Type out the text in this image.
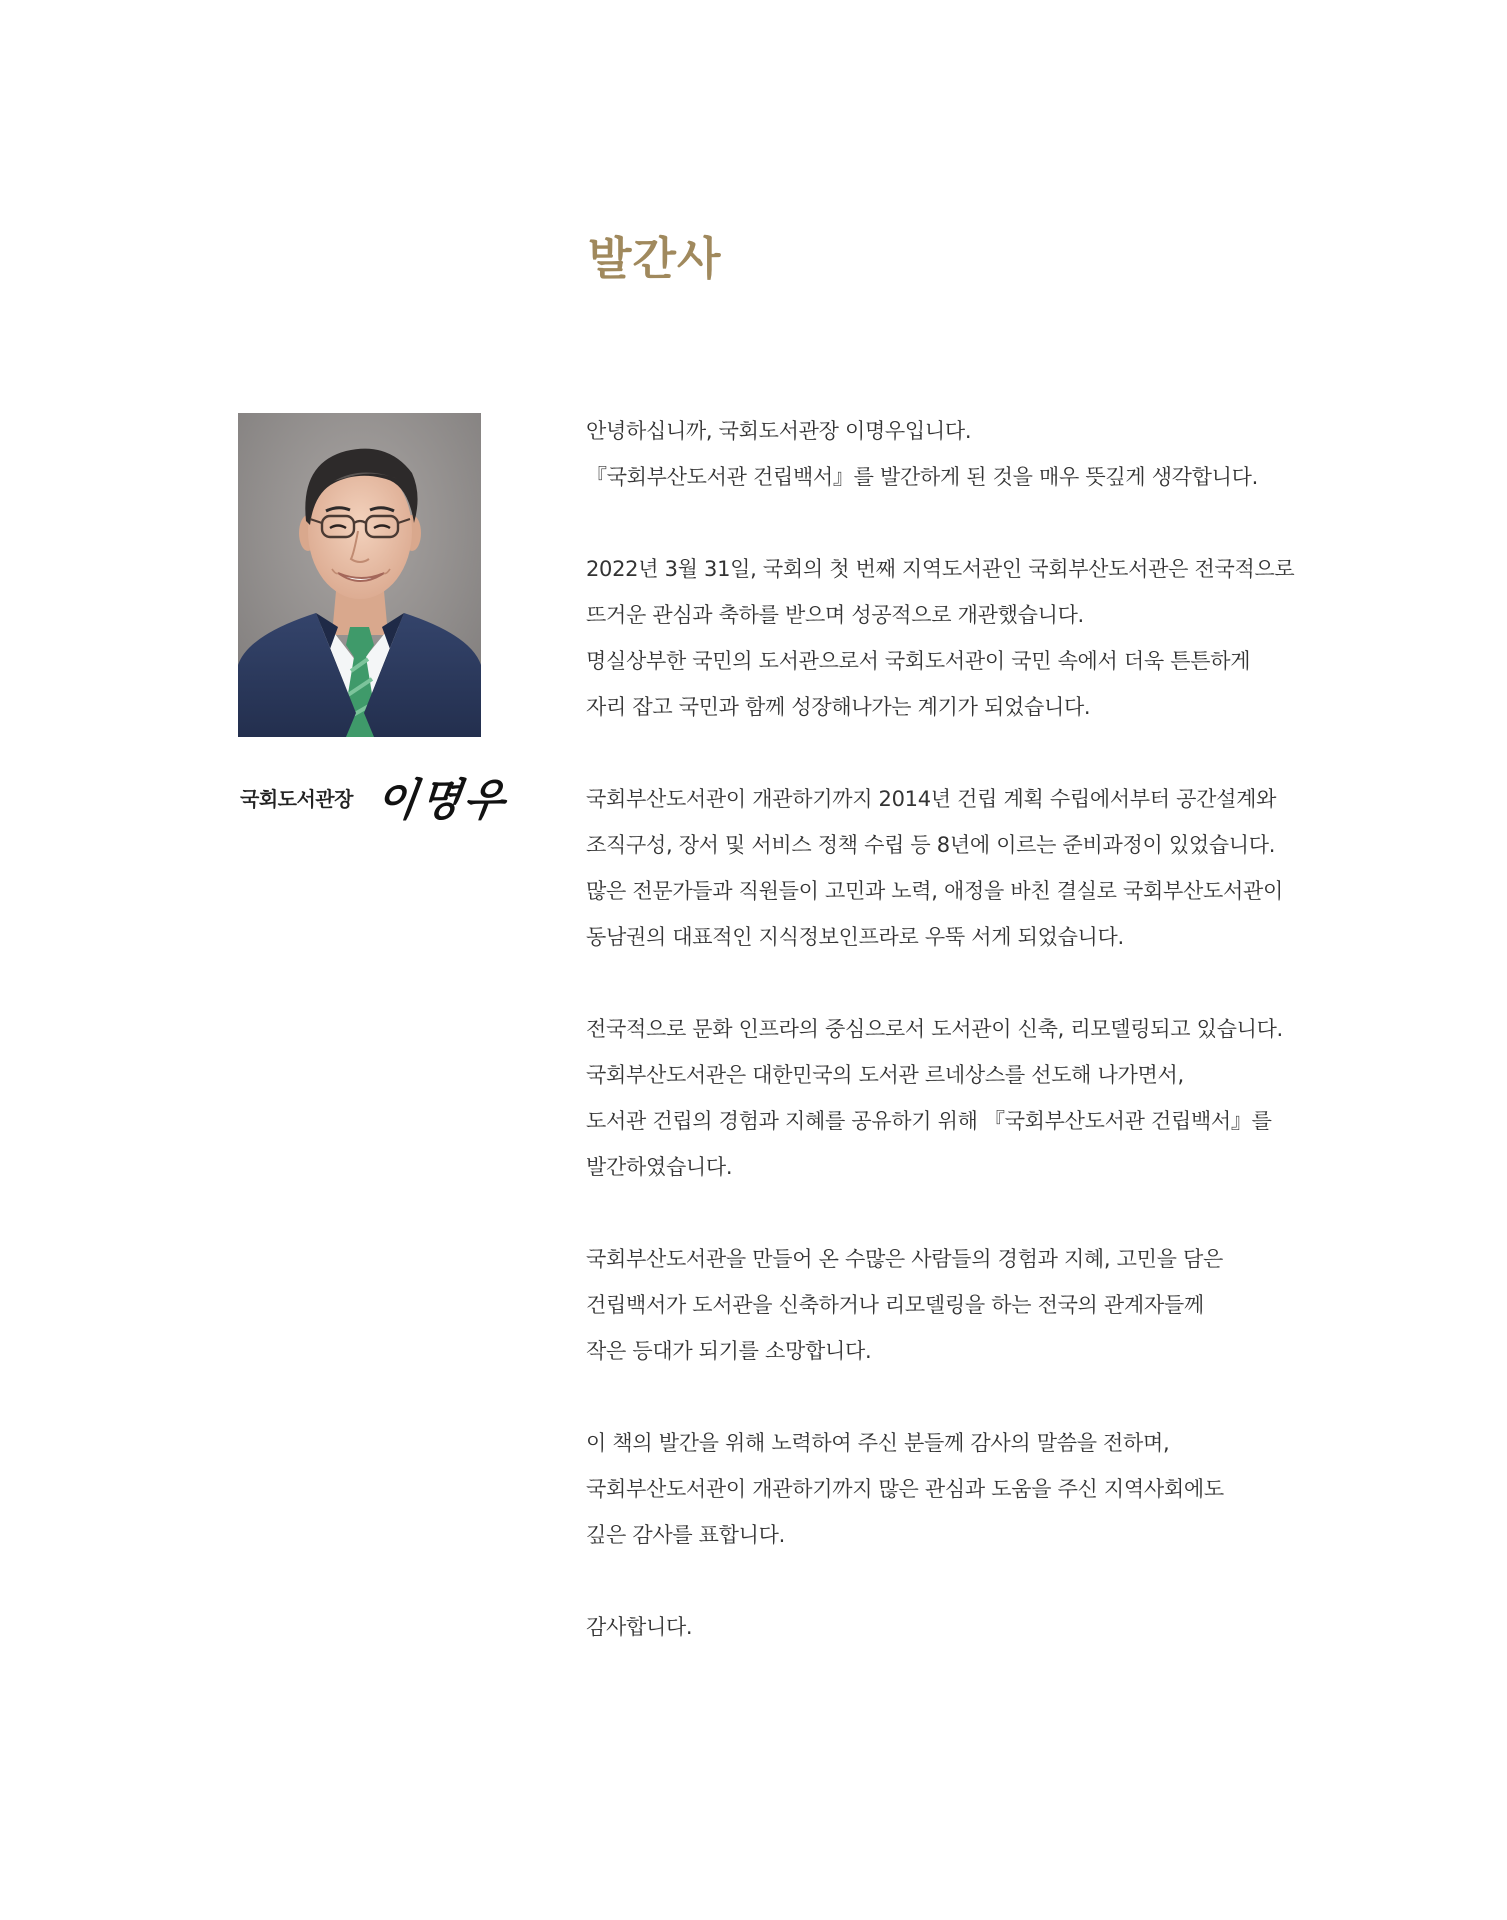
발간사
국회도서관장 이명우

안녕하십니까, 국회도서관장 이명우입니다.
『국회부산도서관 건립백서』를 발간하게 된 것을 매우 뜻깊게 생각합니다.

2022년 3월 31일, 국회의 첫 번째 지역도서관인 국회부산도서관은 전국적으로
뜨거운 관심과 축하를 받으며 성공적으로 개관했습니다.
명실상부한 국민의 도서관으로서 국회도서관이 국민 속에서 더욱 튼튼하게
자리 잡고 국민과 함께 성장해나가는 계기가 되었습니다.

국회부산도서관이 개관하기까지 2014년 건립 계획 수립에서부터 공간설계와
조직구성, 장서 및 서비스 정책 수립 등 8년에 이르는 준비과정이 있었습니다.
많은 전문가들과 직원들이 고민과 노력, 애정을 바친 결실로 국회부산도서관이
동남권의 대표적인 지식정보인프라로 우뚝 서게 되었습니다.

전국적으로 문화 인프라의 중심으로서 도서관이 신축, 리모델링되고 있습니다.
국회부산도서관은 대한민국의 도서관 르네상스를 선도해 나가면서,
도서관 건립의 경험과 지혜를 공유하기 위해 『국회부산도서관 건립백서』를
발간하였습니다.

국회부산도서관을 만들어 온 수많은 사람들의 경험과 지혜, 고민을 담은
건립백서가 도서관을 신축하거나 리모델링을 하는 전국의 관계자들께
작은 등대가 되기를 소망합니다.

이 책의 발간을 위해 노력하여 주신 분들께 감사의 말씀을 전하며,
국회부산도서관이 개관하기까지 많은 관심과 도움을 주신 지역사회에도
깊은 감사를 표합니다.

감사합니다.
